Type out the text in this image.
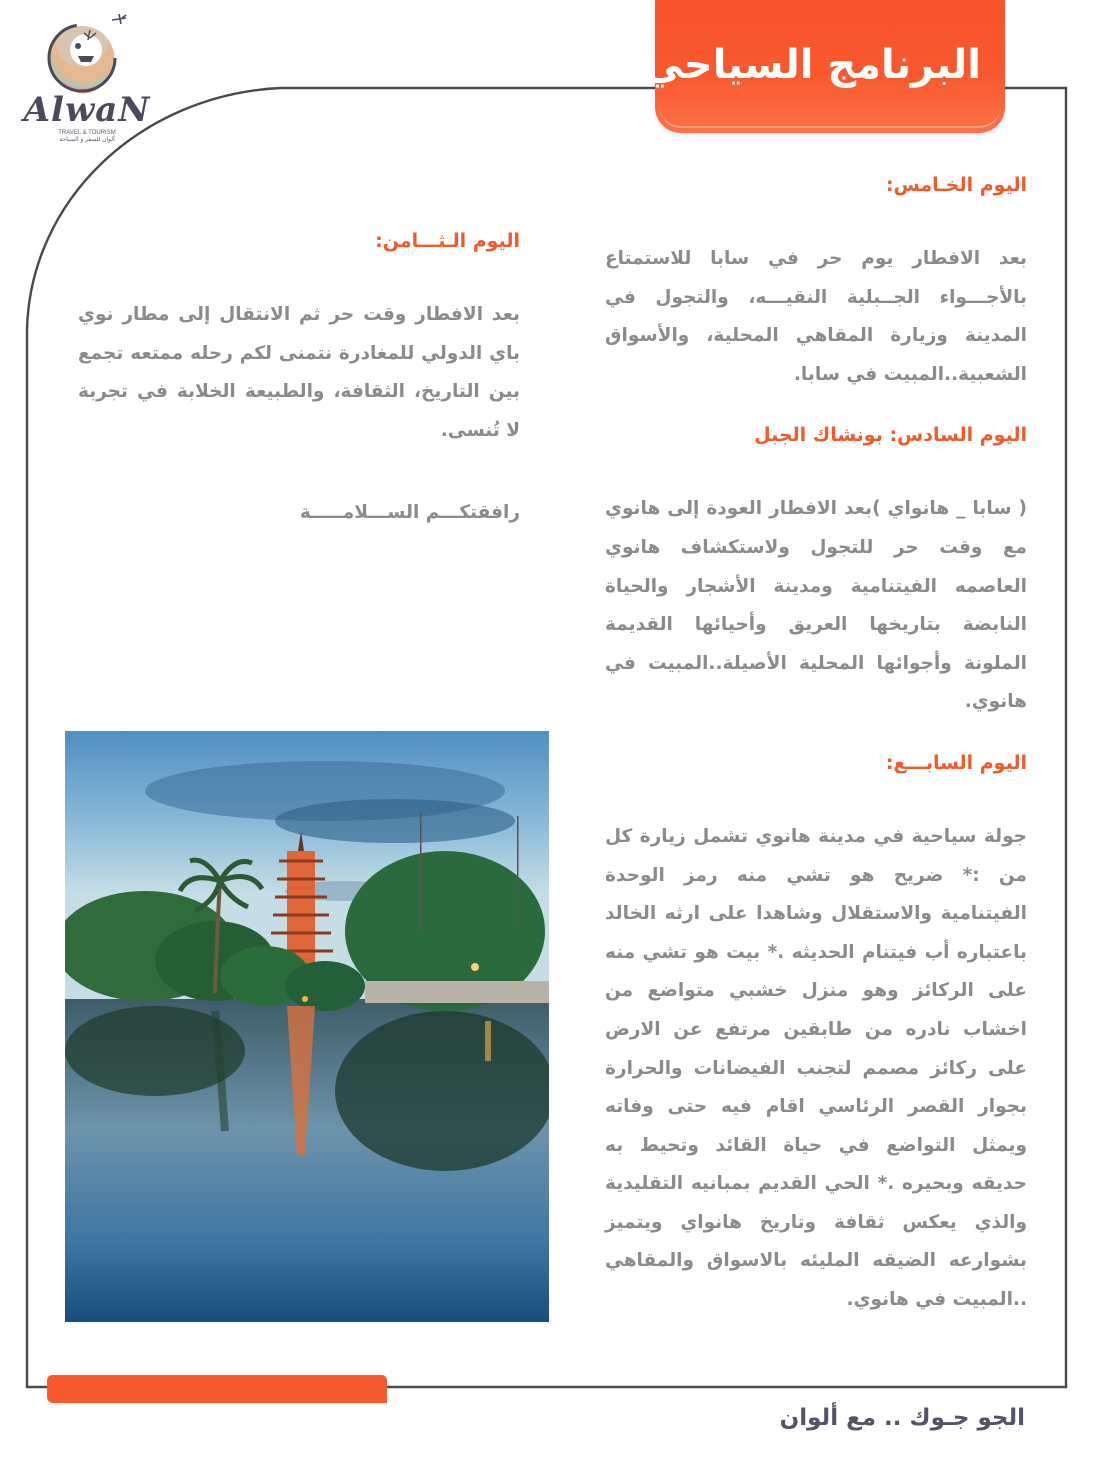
AlwaN
TRAVEL & TOURISM
ألوان للسفر و السياحة
البرنامج السياحي
اليوم الخـامس:

بعد الافطار يوم حر في سابا للاستمتاع بالأجـــواء الجــبلية النقيـــه، والتجول في المدينة وزيارة المقاهي المحلية، والأسواق الشعبية..المبيت في سابا.

اليوم السادس: بونشاك الجبل

( سابا _ هانواي )بعد الافطار العودة إلى هانوي مع وقت حر للتجول ولاستكشاف هانوي العاصمه الفيتنامية ومدينة الأشجار والحياة النابضة بتاريخها العريق وأحيائها القديمة الملونة وأجوائها المحلية الأصيلة..المبيت في هانوي.

اليوم السابـــع:

جولة سياحية في مدينة هانوي تشمل زيارة كل من :* ضريح هو تشي منه رمز الوحدة الفيتنامية والاستقلال وشاهدا على ارثه الخالد باعتباره أب فيتنام الحديثه .* بيت هو تشي منه على الركائز وهو منزل خشبي متواضع من اخشاب نادره من طابقين مرتفع عن الارض على ركائز مصمم لتجنب الفيضانات والحرارة بجوار القصر الرئاسي اقام فيه حتى وفاته ويمثل التواضع في حياة القائد وتحيط به حديقه وبحيره .* الحي القديم بمبانيه التقليدية والذي يعكس ثقافة وتاريخ هانواي ويتميز بشوارعه الضيقه المليئه بالاسواق والمقاهي ..المبيت في هانوي.

اليوم الـثـــامن:

بعد الافطار وقت حر ثم الانتقال إلى مطار نوي باي الدولي للمغادرة نتمنى لكم رحله ممتعه تجمع بين التاريخ، الثقافة، والطبيعة الخلابة في تجربة لا تُنسى.

رافقتكـــم الســـلامـــــة

الجو جـوك .. مع ألوان
